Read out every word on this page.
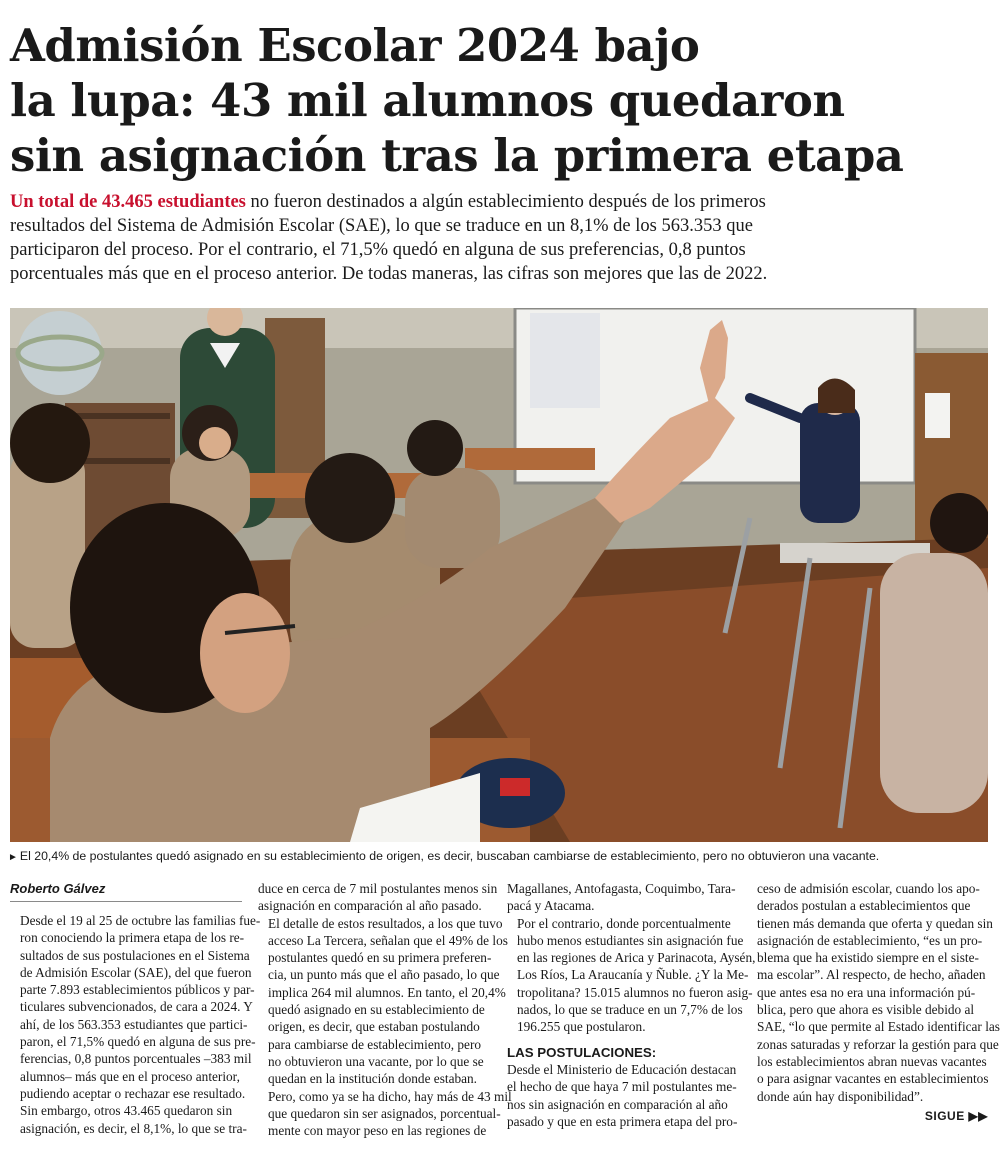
Admisión Escolar 2024 bajo
la lupa: 43 mil alumnos quedaron
sin asignación tras la primera etapa

Un total de 43.465 estudiantes no fueron destinados a algún establecimiento después de los primeros
resultados del Sistema de Admisión Escolar (SAE), lo que se traduce en un 8,1% de los 563.353 que
participaron del proceso. Por el contrario, el 71,5% quedó en alguna de sus preferencias, 0,8 puntos
porcentuales más que en el proceso anterior. De todas maneras, las cifras son mejores que las de 2022.

► El 20,4% de postulantes quedó asignado en su establecimiento de origen, es decir, buscaban cambiarse de establecimiento, pero no obtuvieron una vacante.

Roberto Gálvez

Desde el 19 al 25 de octubre las familias fue-
ron conociendo la primera etapa de los re-
sultados de sus postulaciones en el Sistema
de Admisión Escolar (SAE), del que fueron
parte 7.893 establecimientos públicos y par-
ticulares subvencionados, de cara a 2024. Y
ahí, de los 563.353 estudiantes que partici-
paron, el 71,5% quedó en alguna de sus pre-
ferencias, 0,8 puntos porcentuales –383 mil
alumnos– más que en el proceso anterior,
pudiendo aceptar o rechazar ese resultado.
Sin embargo, otros 43.465 quedaron sin
asignación, es decir, el 8,1%, lo que se tra-

duce en cerca de 7 mil postulantes menos sin
asignación en comparación al año pasado.

El detalle de estos resultados, a los que tuvo
acceso La Tercera, señalan que el 49% de los
postulantes quedó en su primera preferen-
cia, un punto más que el año pasado, lo que
implica 264 mil alumnos. En tanto, el 20,4%
quedó asignado en su establecimiento de
origen, es decir, que estaban postulando
para cambiarse de establecimiento, pero
no obtuvieron una vacante, por lo que se
quedan en la institución donde estaban.
Pero, como ya se ha dicho, hay más de 43 mil
que quedaron sin ser asignados, porcentual-
mente con mayor peso en las regiones de

Magallanes, Antofagasta, Coquimbo, Tara-
pacá y Atacama.

Por el contrario, donde porcentualmente
hubo menos estudiantes sin asignación fue
en las regiones de Arica y Parinacota, Aysén,
Los Ríos, La Araucanía y Ñuble. ¿Y la Me-
tropolitana? 15.015 alumnos no fueron asig-
nados, lo que se traduce en un 7,7% de los
196.255 que postularon.

LAS POSTULACIONES:

Desde el Ministerio de Educación destacan
el hecho de que haya 7 mil postulantes me-
nos sin asignación en comparación al año
pasado y que en esta primera etapa del pro-

ceso de admisión escolar, cuando los apo-
derados postulan a establecimientos que
tienen más demanda que oferta y quedan sin
asignación de establecimiento, “es un pro-
blema que ha existido siempre en el siste-
ma escolar”. Al respecto, de hecho, añaden
que antes esa no era una información pú-
blica, pero que ahora es visible debido al
SAE, “lo que permite al Estado identificar las
zonas saturadas y reforzar la gestión para que
los establecimientos abran nuevas vacantes
o para asignar vacantes en establecimientos
donde aún hay disponibilidad”.

SIGUE ▶▶
